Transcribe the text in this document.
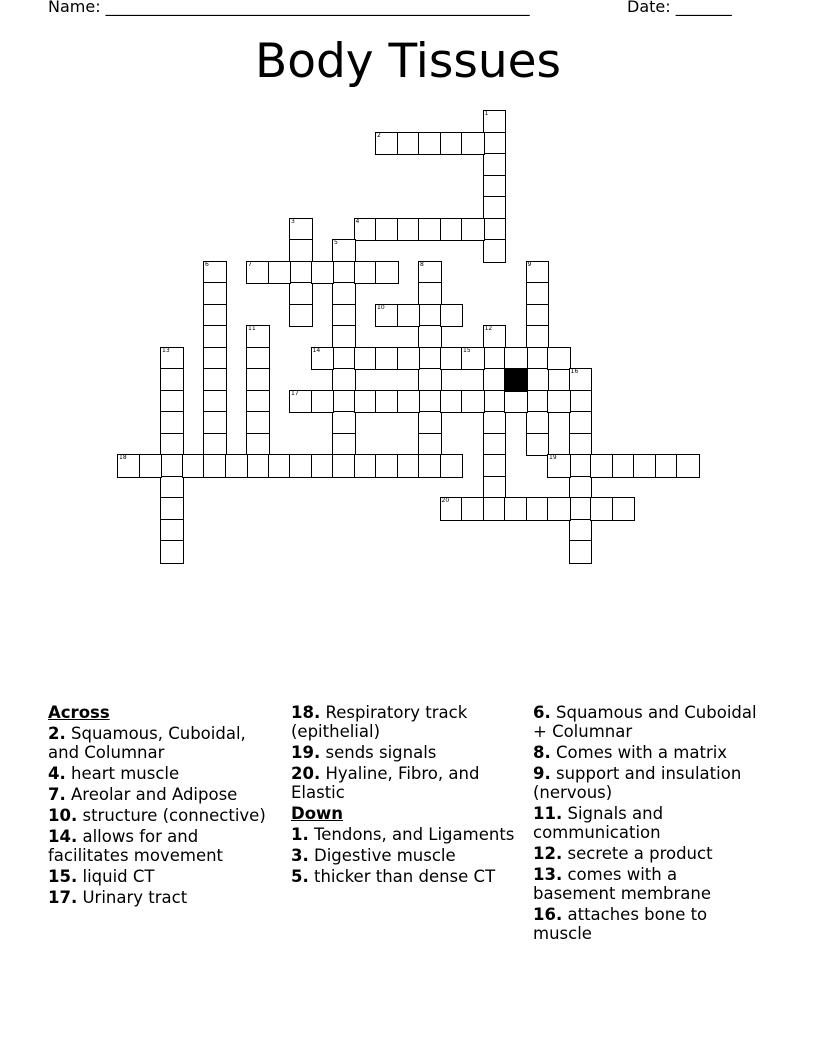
Name: _____________________________________________________	Date: _______
Body Tissues
1
2
3	4
5
6	7	8	9
10
11	12
13	14	15
16
17
18	19
20
Across
2. Squamous, Cuboidal, and Columnar
4. heart muscle
7. Areolar and Adipose
10. structure (connective)
14. allows for and facilitates movement
15. liquid CT
17. Urinary tract
18. Respiratory track (epithelial)
19. sends signals
20. Hyaline, Fibro, and Elastic
Down
1. Tendons, and Ligaments
3. Digestive muscle
5. thicker than dense CT
6. Squamous and Cuboidal + Columnar
8. Comes with a matrix
9. support and insulation (nervous)
11. Signals and communication
12. secrete a product
13. comes with a basement membrane
16. attaches bone to muscle
